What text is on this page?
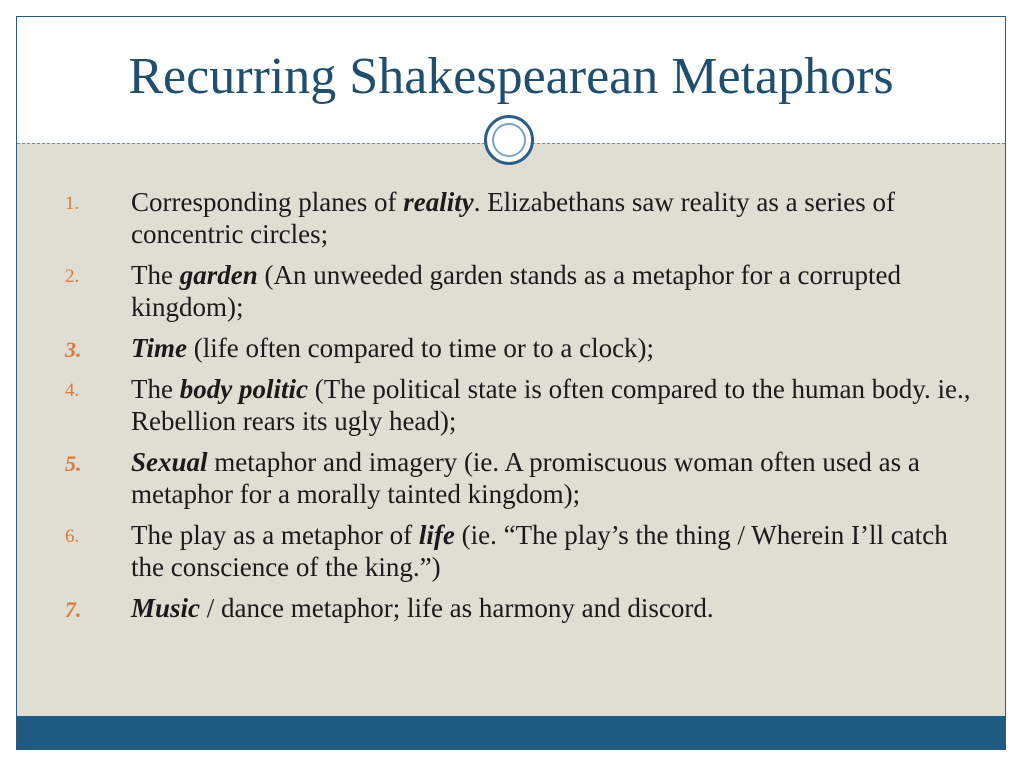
Recurring Shakespearean Metaphors
1. Corresponding planes of reality. Elizabethans saw reality as a series of concentric circles;
2. The garden (An unweeded garden stands as a metaphor for a corrupted kingdom);
3. Time (life often compared to time or to a clock);
4. The body politic (The political state is often compared to the human body. ie., Rebellion rears its ugly head);
5. Sexual metaphor and imagery (ie. A promiscuous woman often used as a metaphor for a morally tainted kingdom);
6. The play as a metaphor of life (ie. “The play’s the thing / Wherein I’ll catch the conscience of the king.”)
7. Music / dance metaphor; life as harmony and discord.
